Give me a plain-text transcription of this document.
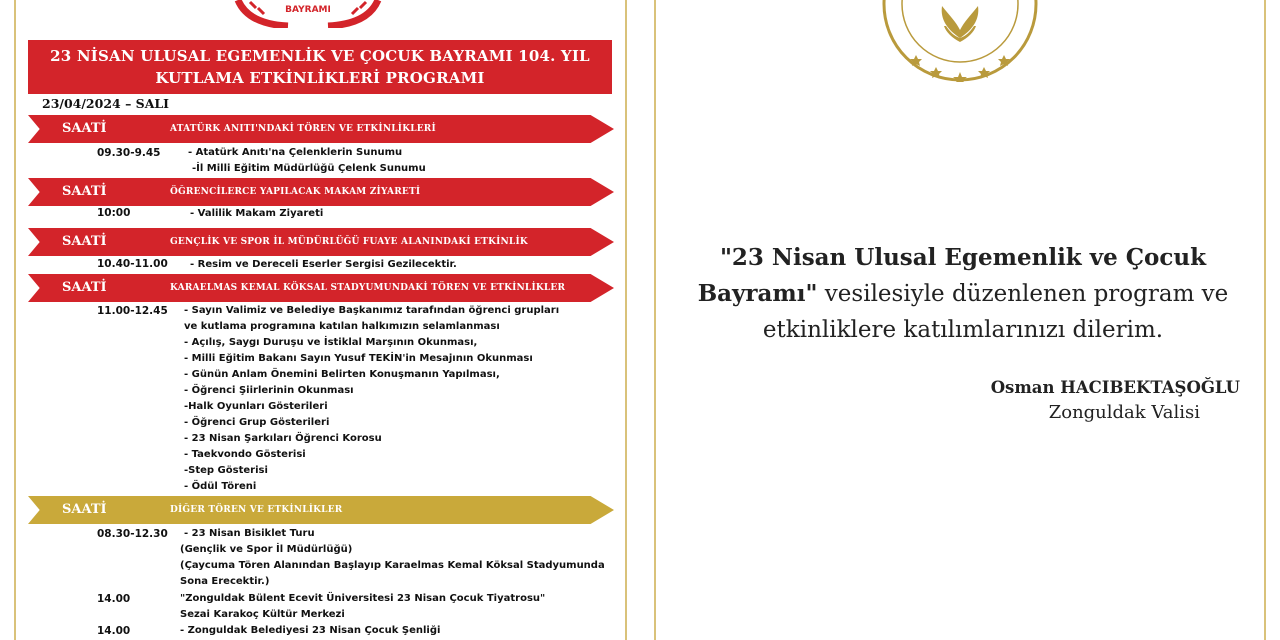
BAYRAMI
23 NİSAN ULUSAL EGEMENLİK VE ÇOCUK BAYRAMI 104. YIL
KUTLAMA ETKİNLİKLERİ PROGRAMI
23/04/2024 – SALI
SAATİ	ATATÜRK ANITI'NDAKİ TÖREN VE ETKİNLİKLERİ
09.30-9.45	- Atatürk Anıtı'na Çelenklerin Sunumu
-İl Milli Eğitim Müdürlüğü Çelenk Sunumu
SAATİ	ÖĞRENCİLERCE YAPILACAK MAKAM ZİYARETİ
10:00	- Valilik Makam Ziyareti
SAATİ	GENÇLİK VE SPOR İL MÜDÜRLÜĞÜ FUAYE ALANINDAKİ ETKİNLİK
10.40-11.00 - Resim ve Dereceli Eserler Sergisi Gezilecektir.
SAATİ	KARAELMAS KEMAL KÖKSAL STADYUMUNDAKİ TÖREN VE ETKİNLİKLER
11.00-12.45 - Sayın Valimiz ve Belediye Başkanımız tarafından öğrenci grupları
ve kutlama programına katılan halkımızın selamlanması
- Açılış, Saygı Duruşu ve İstiklal Marşının Okunması,
- Milli Eğitim Bakanı Sayın Yusuf TEKİN'in Mesajının Okunması
- Günün Anlam Önemini Belirten Konuşmanın Yapılması,
- Öğrenci Şiirlerinin Okunması
-Halk Oyunları Gösterileri
- Öğrenci Grup Gösterileri
- 23 Nisan Şarkıları Öğrenci Korosu
- Taekvondo Gösterisi
-Step Gösterisi
- Ödül Töreni
SAATİ	DİĞER TÖREN VE ETKİNLİKLER
08.30-12.30 - 23 Nisan Bisiklet Turu
(Gençlik ve Spor İl Müdürlüğü)
(Çaycuma Tören Alanından Başlayıp Karaelmas Kemal Köksal Stadyumunda
Sona Erecektir.)
14.00	"Zonguldak Bülent Ecevit Üniversitesi 23 Nisan Çocuk Tiyatrosu"
Sezai Karakoç Kültür Merkezi
14.00	- Zonguldak Belediyesi 23 Nisan Çocuk Şenliği
"23 Nisan Ulusal Egemenlik ve Çocuk Bayramı" vesilesiyle düzenlenen program ve etkinliklere katılımlarınızı dilerim.
Osman HACIBEKTAŞOĞLU
Zonguldak Valisi
